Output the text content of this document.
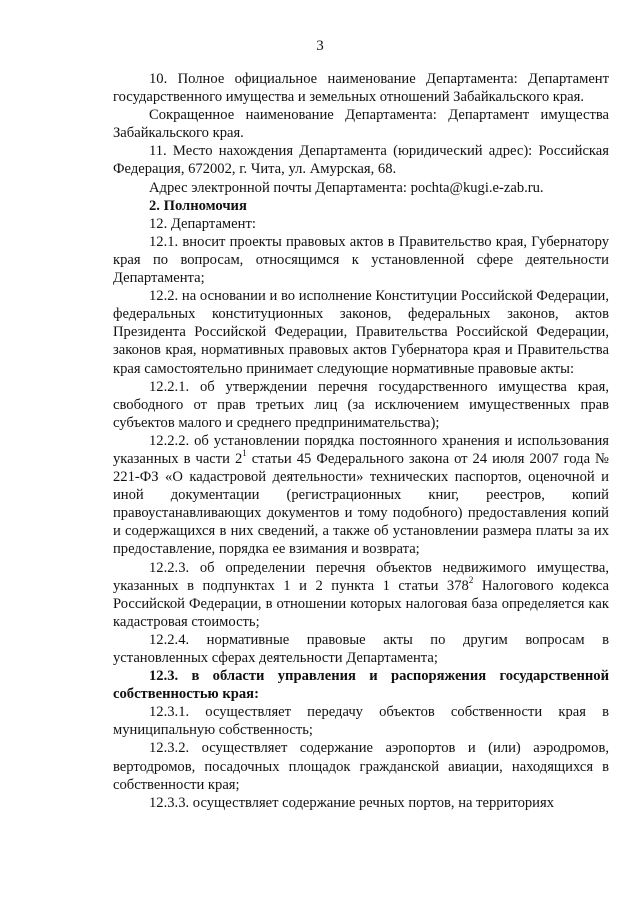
3

10. Полное официальное наименование Департамента: Департамент государственного имущества и земельных отношений Забайкальского края.

Сокращенное наименование Департамента: Департамент имущества Забайкальского края.

11. Место нахождения Департамента (юридический адрес): Российская Федерация, 672002, г. Чита, ул. Амурская, 68.

Адрес электронной почты Департамента: pochta@kugi.e-zab.ru.

2. Полномочия

12. Департамент:

12.1. вносит проекты правовых актов в Правительство края, Губернатору края по вопросам, относящимся к установленной сфере деятельности Департамента;

12.2. на основании и во исполнение Конституции Российской Федерации, федеральных конституционных законов, федеральных законов, актов Президента Российской Федерации, Правительства Российской Федерации, законов края, нормативных правовых актов Губернатора края и Правительства края самостоятельно принимает следующие нормативные правовые акты:

12.2.1. об утверждении перечня государственного имущества края, свободного от прав третьих лиц (за исключением имущественных прав субъектов малого и среднего предпринимательства);

12.2.2. об установлении порядка постоянного хранения и использования указанных в части $2^1$ статьи 45 Федерального закона от 24 июля 2007 года № 221-ФЗ «О кадастровой деятельности» технических паспортов, оценочной и иной документации (регистрационных книг, реестров, копий правоустанавливающих документов и тому подобного) предоставления копий и содержащихся в них сведений, а также об установлении размера платы за их предоставление, порядка ее взимания и возврата;

12.2.3. об определении перечня объектов недвижимого имущества, указанных в подпунктах 1 и 2 пункта 1 статьи $378^2$ Налогового кодекса Российской Федерации, в отношении которых налоговая база определяется как кадастровая стоимость;

12.2.4. нормативные правовые акты по другим вопросам в установленных сферах деятельности Департамента;

12.3. в области управления и распоряжения государственной собственностью края:

12.3.1. осуществляет передачу объектов собственности края в муниципальную собственность;

12.3.2. осуществляет содержание аэропортов и (или) аэродромов, вертодромов, посадочных площадок гражданской авиации, находящихся в собственности края;

12.3.3. осуществляет содержание речных портов, на территориях
